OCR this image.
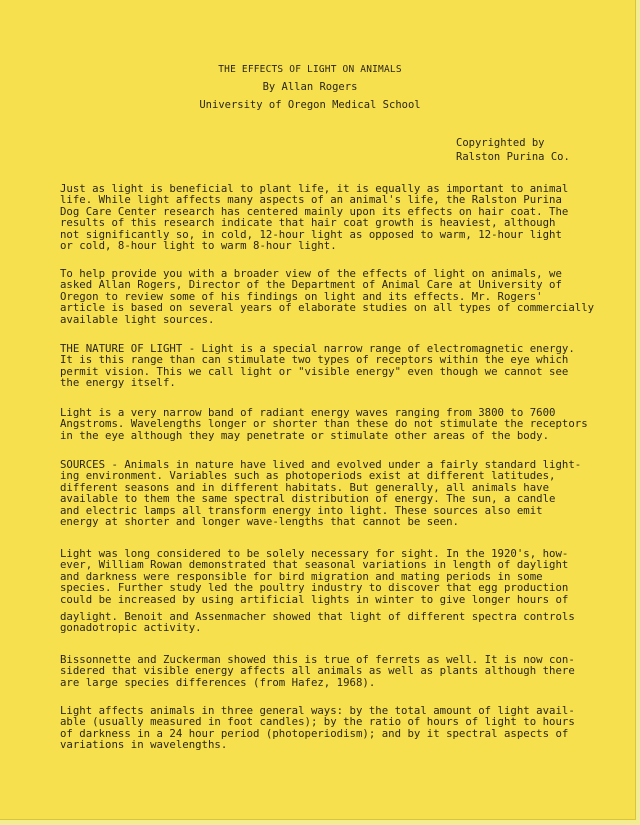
THE EFFECTS OF LIGHT ON ANIMALS
By Allan Rogers
University of Oregon Medical School
Copyrighted by
Ralston Purina Co.
Just as light is beneficial to plant life, it is equally as important to animal
life. While light affects many aspects of an animal's life, the Ralston Purina
Dog Care Center research has centered mainly upon its effects on hair coat. The
results of this research indicate that hair coat growth is heaviest, although
not significantly so, in cold, 12-hour light as opposed to warm, 12-hour light
or cold, 8-hour light to warm 8-hour light.
To help provide you with a broader view of the effects of light on animals, we
asked Allan Rogers, Director of the Department of Animal Care at University of
Oregon to review some of his findings on light and its effects. Mr. Rogers'
article is based on several years of elaborate studies on all types of commercially
available light sources.
THE NATURE OF LIGHT - Light is a special narrow range of electromagnetic energy.
It is this range than can stimulate two types of receptors within the eye which
permit vision. This we call light or "visible energy" even though we cannot see
the energy itself.
Light is a very narrow band of radiant energy waves ranging from 3800 to 7600
Angstroms. Wavelengths longer or shorter than these do not stimulate the receptors
in the eye although they may penetrate or stimulate other areas of the body.
SOURCES - Animals in nature have lived and evolved under a fairly standard light-
ing environment. Variables such as photoperiods exist at different latitudes,
different seasons and in different habitats. But generally, all animals have
available to them the same spectral distribution of energy. The sun, a candle
and electric lamps all transform energy into light. These sources also emit
energy at shorter and longer wave-lengths that cannot be seen.
Light was long considered to be solely necessary for sight. In the 1920's, how-
ever, William Rowan demonstrated that seasonal variations in length of daylight
and darkness were responsible for bird migration and mating periods in some
species. Further study led the poultry industry to discover that egg production
could be increased by using artificial lights in winter to give longer hours of
daylight. Benoit and Assenmacher showed that light of different spectra controls
gonadotropic activity.
Bissonnette and Zuckerman showed this is true of ferrets as well. It is now con-
sidered that visible energy affects all animals as well as plants although there
are large species differences (from Hafez, 1968).
Light affects animals in three general ways: by the total amount of light avail-
able (usually measured in foot candles); by the ratio of hours of light to hours
of darkness in a 24 hour period (photoperiodism); and by it spectral aspects of
variations in wavelengths.
